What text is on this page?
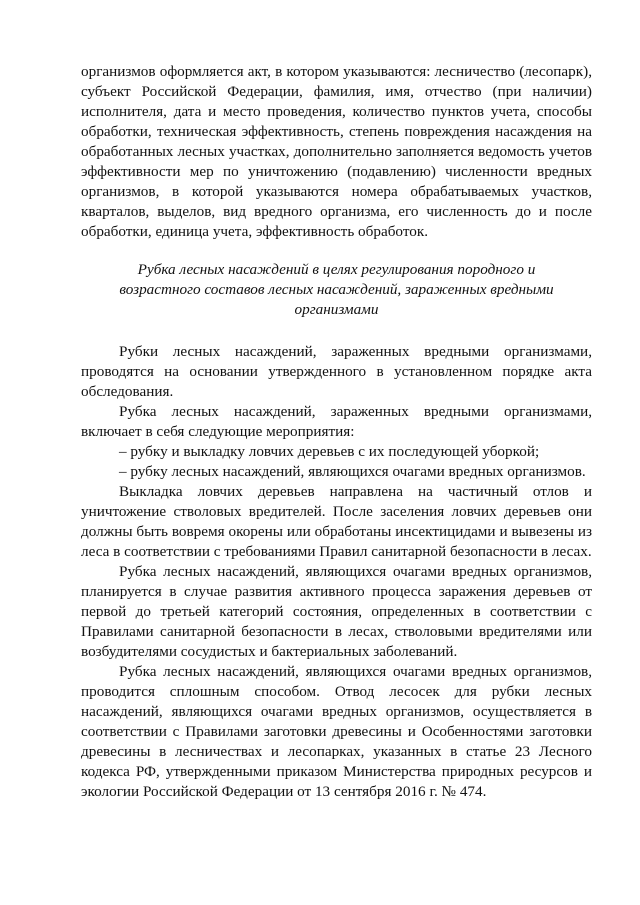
организмов оформляется акт, в котором указываются: лесничество (лесопарк),
субъект Российской Федерации, фамилия, имя, отчество (при наличии)
исполнителя, дата и место проведения, количество пунктов учета, способы
обработки, техническая эффективность, степень повреждения насаждения на
обработанных лесных участках, дополнительно заполняется ведомость учетов
эффективности мер по уничтожению (подавлению) численности вредных
организмов, в которой указываются номера обрабатываемых участков,
кварталов, выделов, вид вредного организма, его численность до и после
обработки, единица учета, эффективность обработок.
Рубка лесных насаждений в целях регулирования породного и
возрастного составов лесных насаждений, зараженных вредными
организмами
Рубки лесных насаждений, зараженных вредными организмами,
проводятся на основании утвержденного в установленном порядке акта
обследования.
Рубка лесных насаждений, зараженных вредными организмами,
включает в себя следующие мероприятия:
– рубку и выкладку ловчих деревьев с их последующей уборкой;
– рубку лесных насаждений, являющихся очагами вредных организмов.
Выкладка ловчих деревьев направлена на частичный отлов и
уничтожение стволовых вредителей. После заселения ловчих деревьев они
должны быть вовремя окорены или обработаны инсектицидами и вывезены из
леса в соответствии с требованиями Правил санитарной безопасности в лесах.
Рубка лесных насаждений, являющихся очагами вредных организмов,
планируется в случае развития активного процесса заражения деревьев от
первой до третьей категорий состояния, определенных в соответствии с
Правилами санитарной безопасности в лесах, стволовыми вредителями или
возбудителями сосудистых и бактериальных заболеваний.
Рубка лесных насаждений, являющихся очагами вредных организмов,
проводится сплошным способом. Отвод лесосек для рубки лесных
насаждений, являющихся очагами вредных организмов, осуществляется в
соответствии с Правилами заготовки древесины и Особенностями заготовки
древесины в лесничествах и лесопарках, указанных в статье 23 Лесного
кодекса РФ, утвержденными приказом Министерства природных ресурсов и
экологии Российской Федерации от 13 сентября 2016 г. № 474.
